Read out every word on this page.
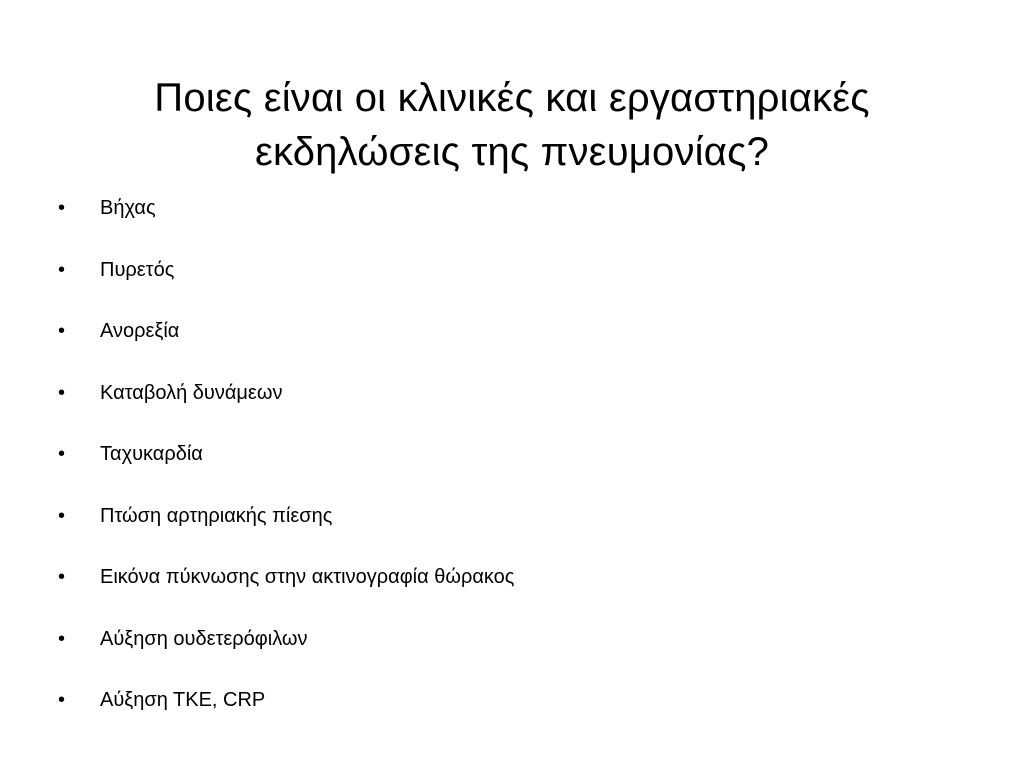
Ποιες είναι οι κλινικές και εργαστηριακές
εκδηλώσεις της πνευμονίας?
•	Βήχας
•	Πυρετός
•	Ανορεξία
•	Καταβολή δυνάμεων
•	Ταχυκαρδία
•	Πτώση αρτηριακής πίεσης
•	Εικόνα πύκνωσης στην ακτινογραφία θώρακος
•	Αύξηση ουδετερόφιλων
•	Αύξηση ΤΚΕ, CRP
